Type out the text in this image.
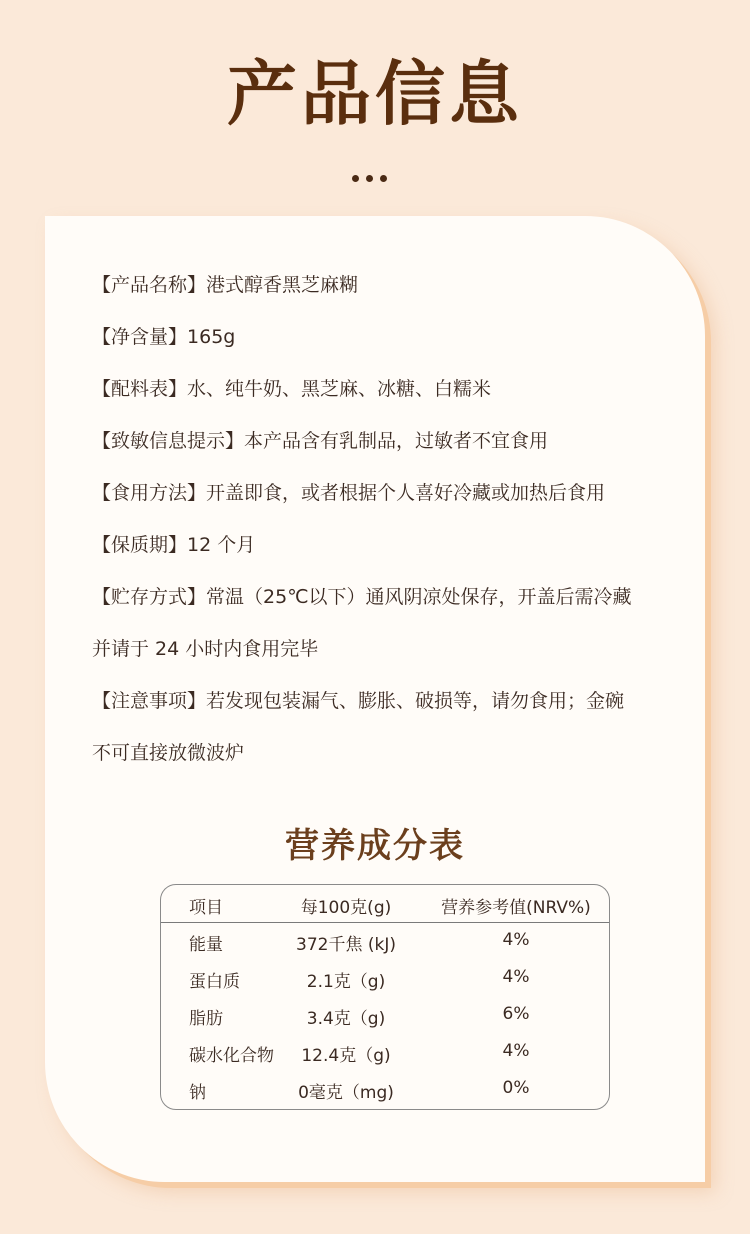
产品信息
【产品名称】港式醇香黑芝麻糊
【净含量】165g
【配料表】水、纯牛奶、黑芝麻、冰糖、白糯米
【致敏信息提示】本产品含有乳制品，过敏者不宜食用
【食用方法】开盖即食，或者根据个人喜好冷藏或加热后食用
【保质期】12 个月
【贮存方式】常温（25℃以下）通风阴凉处保存，开盖后需冷藏
并请于 24 小时内食用完毕
【注意事项】若发现包装漏气、膨胀、破损等，请勿食用；金碗
不可直接放微波炉
营养成分表
项目	每100克(g)	营养参考值(NRV%)
能量	372千焦 (kJ)	4%
蛋白质	2.1克（g)	4%
脂肪	3.4克（g)	6%
碳水化合物	12.4克（g)	4%
钠	0毫克（mg)	0%
